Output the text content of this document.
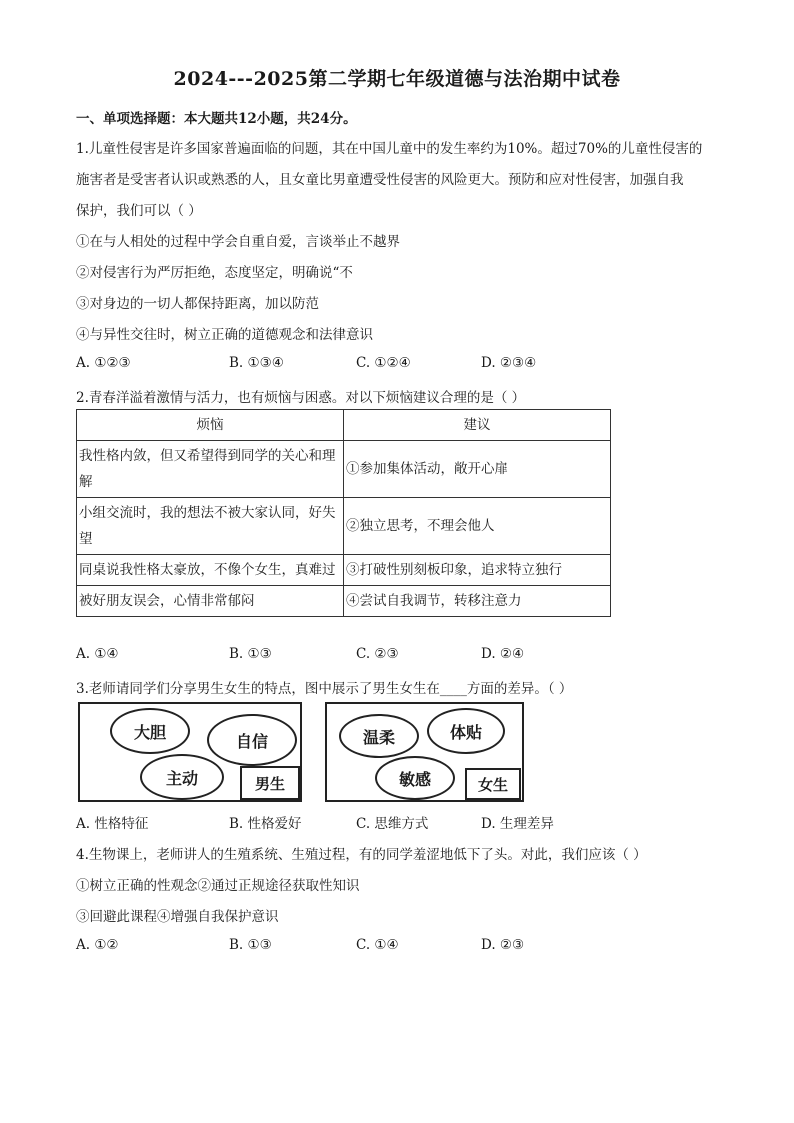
2024---2025第二学期七年级道德与法治期中试卷
一、单项选择题：本大题共12小题，共24分。
1.儿童性侵害是许多国家普遍面临的问题，其在中国儿童中的发生率约为10%。超过70%的儿童性侵害的
施害者是受害者认识或熟悉的人，且女童比男童遭受性侵害的风险更大。预防和应对性侵害，加强自我
保护，我们可以（ ）
①在与人相处的过程中学会自重自爱，言谈举止不越界
②对侵害行为严厉拒绝，态度坚定，明确说“不
③对身边的一切人都保持距离，加以防范
④与异性交往时，树立正确的道德观念和法律意识
A. ①②③	B. ①③④	C. ①②④	D. ②③④
2.青春洋溢着激情与活力，也有烦恼与困惑。对以下烦恼建议合理的是（ ）
烦恼	建议
我性格内敛，但又希望得到同学的关心和理解	①参加集体活动，敞开心扉
小组交流时，我的想法不被大家认同，好失望	②独立思考，不理会他人
同桌说我性格太豪放，不像个女生，真难过	③打破性别刻板印象，追求特立独行
被好朋友误会，心情非常郁闷	④尝试自我调节，转移注意力
A. ①④	B. ①③	C. ②③	D. ②④
3.老师请同学们分享男生女生的特点，图中展示了男生女生在____方面的差异。（ ）
大胆	自信
主动	男生
温柔	体贴
敏感	女生
A. 性格特征	B. 性格爱好	C. 思维方式	D. 生理差异
4.生物课上，老师讲人的生殖系统、生殖过程，有的同学羞涩地低下了头。对此，我们应该（ ）
①树立正确的性观念②通过正规途径获取性知识
③回避此课程④增强自我保护意识
A. ①②	B. ①③	C. ①④	D. ②③
